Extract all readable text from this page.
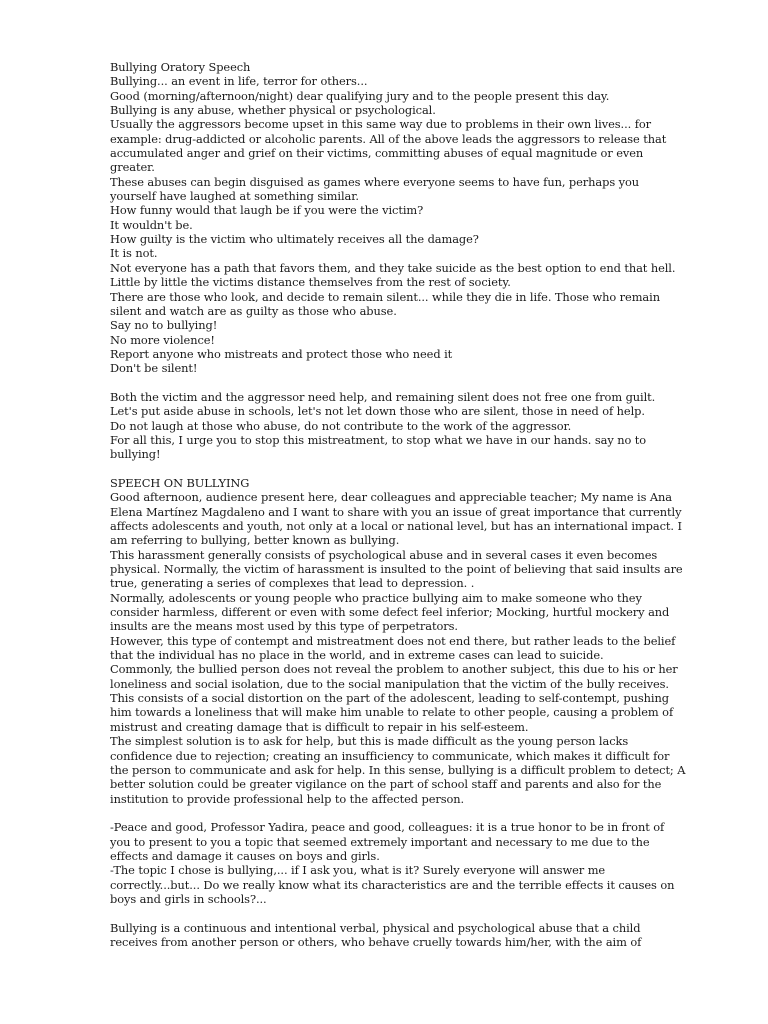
Bullying Oratory Speech
Bullying... an event in life, terror for others...
Good (morning/afternoon/night) dear qualifying jury and to the people present this day.
Bullying is any abuse, whether physical or psychological.
Usually the aggressors become upset in this same way due to problems in their own lives... for
example: drug-addicted or alcoholic parents. All of the above leads the aggressors to release that
accumulated anger and grief on their victims, committing abuses of equal magnitude or even
greater.
These abuses can begin disguised as games where everyone seems to have fun, perhaps you
yourself have laughed at something similar.
How funny would that laugh be if you were the victim?
It wouldn't be.
How guilty is the victim who ultimately receives all the damage?
It is not.
Not everyone has a path that favors them, and they take suicide as the best option to end that hell.
Little by little the victims distance themselves from the rest of society.
There are those who look, and decide to remain silent... while they die in life. Those who remain
silent and watch are as guilty as those who abuse.
Say no to bullying!
No more violence!
Report anyone who mistreats and protect those who need it
Don't be silent!
Both the victim and the aggressor need help, and remaining silent does not free one from guilt.
Let's put aside abuse in schools, let's not let down those who are silent, those in need of help.
Do not laugh at those who abuse, do not contribute to the work of the aggressor.
For all this, I urge you to stop this mistreatment, to stop what we have in our hands. say no to
bullying!
SPEECH ON BULLYING
Good afternoon, audience present here, dear colleagues and appreciable teacher; My name is Ana
Elena Martínez Magdaleno and I want to share with you an issue of great importance that currently
affects adolescents and youth, not only at a local or national level, but has an international impact. I
am referring to bullying, better known as bullying.
This harassment generally consists of psychological abuse and in several cases it even becomes
physical. Normally, the victim of harassment is insulted to the point of believing that said insults are
true, generating a series of complexes that lead to depression. .
Normally, adolescents or young people who practice bullying aim to make someone who they
consider harmless, different or even with some defect feel inferior; Mocking, hurtful mockery and
insults are the means most used by this type of perpetrators.
However, this type of contempt and mistreatment does not end there, but rather leads to the belief
that the individual has no place in the world, and in extreme cases can lead to suicide.
Commonly, the bullied person does not reveal the problem to another subject, this due to his or her
loneliness and social isolation, due to the social manipulation that the victim of the bully receives.
This consists of a social distortion on the part of the adolescent, leading to self-contempt, pushing
him towards a loneliness that will make him unable to relate to other people, causing a problem of
mistrust and creating damage that is difficult to repair in his self-esteem.
The simplest solution is to ask for help, but this is made difficult as the young person lacks
confidence due to rejection; creating an insufficiency to communicate, which makes it difficult for
the person to communicate and ask for help. In this sense, bullying is a difficult problem to detect; A
better solution could be greater vigilance on the part of school staff and parents and also for the
institution to provide professional help to the affected person.
-Peace and good, Professor Yadira, peace and good, colleagues: it is a true honor to be in front of
you to present to you a topic that seemed extremely important and necessary to me due to the
effects and damage it causes on boys and girls.
-The topic I chose is bullying,... if I ask you, what is it? Surely everyone will answer me
correctly...but... Do we really know what its characteristics are and the terrible effects it causes on
boys and girls in schools?...
Bullying is a continuous and intentional verbal, physical and psychological abuse that a child
receives from another person or others, who behave cruelly towards him/her, with the aim of
